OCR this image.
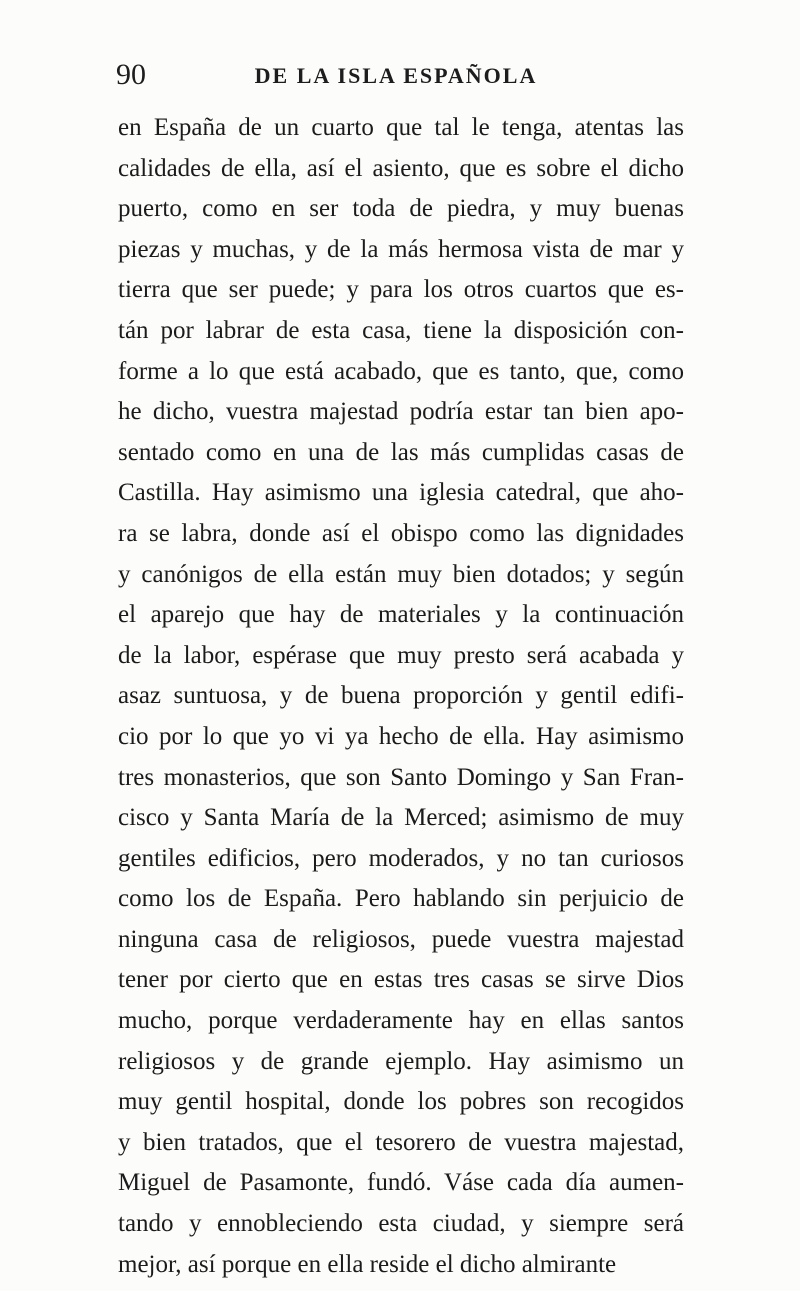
90	DE LA ISLA ESPAÑOLA
en España de un cuarto que tal le tenga, atentas las
calidades de ella, así el asiento, que es sobre el dicho
puerto, como en ser toda de piedra, y muy buenas
piezas y muchas, y de la más hermosa vista de mar y
tierra que ser puede; y para los otros cuartos que es-
tán por labrar de esta casa, tiene la disposición con-
forme a lo que está acabado, que es tanto, que, como
he dicho, vuestra majestad podría estar tan bien apo-
sentado como en una de las más cumplidas casas de
Castilla. Hay asimismo una iglesia catedral, que aho-
ra se labra, donde así el obispo como las dignidades
y canónigos de ella están muy bien dotados; y según
el aparejo que hay de materiales y la continuación
de la labor, espérase que muy presto será acabada y
asaz suntuosa, y de buena proporción y gentil edifi-
cio por lo que yo vi ya hecho de ella. Hay asimismo
tres monasterios, que son Santo Domingo y San Fran-
cisco y Santa María de la Merced; asimismo de muy
gentiles edificios, pero moderados, y no tan curiosos
como los de España. Pero hablando sin perjuicio de
ninguna casa de religiosos, puede vuestra majestad
tener por cierto que en estas tres casas se sirve Dios
mucho, porque verdaderamente hay en ellas santos
religiosos y de grande ejemplo. Hay asimismo un
muy gentil hospital, donde los pobres son recogidos
y bien tratados, que el tesorero de vuestra majestad,
Miguel de Pasamonte, fundó. Váse cada día aumen-
tando y ennobleciendo esta ciudad, y siempre será
mejor, así porque en ella reside el dicho almirante
